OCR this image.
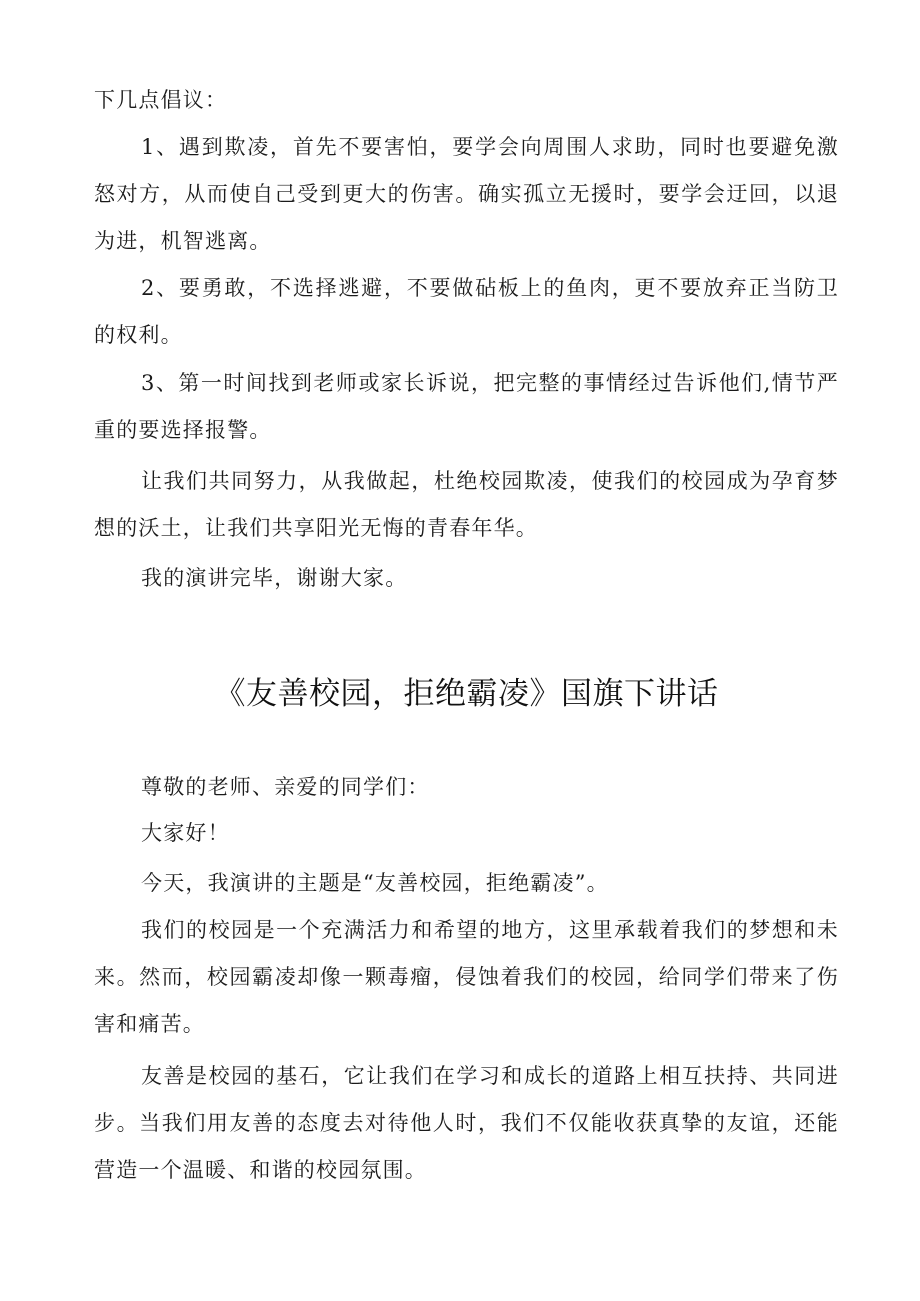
下几点倡议：

1、遇到欺凌，首先不要害怕，要学会向周围人求助，同时也要避免激怒对方，从而使自己受到更大的伤害。确实孤立无援时，要学会迂回，以退为进，机智逃离。

2、要勇敢，不选择逃避，不要做砧板上的鱼肉，更不要放弃正当防卫的权利。

3、第一时间找到老师或家长诉说，把完整的事情经过告诉他们,情节严重的要选择报警。

让我们共同努力，从我做起，杜绝校园欺凌，使我们的校园成为孕育梦想的沃土，让我们共享阳光无悔的青春年华。

我的演讲完毕，谢谢大家。

《友善校园，拒绝霸凌》国旗下讲话

尊敬的老师、亲爱的同学们：

大家好！

今天，我演讲的主题是“友善校园，拒绝霸凌”。

我们的校园是一个充满活力和希望的地方，这里承载着我们的梦想和未来。然而，校园霸凌却像一颗毒瘤，侵蚀着我们的校园，给同学们带来了伤害和痛苦。

友善是校园的基石，它让我们在学习和成长的道路上相互扶持、共同进步。当我们用友善的态度去对待他人时，我们不仅能收获真挚的友谊，还能营造一个温暖、和谐的校园氛围。
